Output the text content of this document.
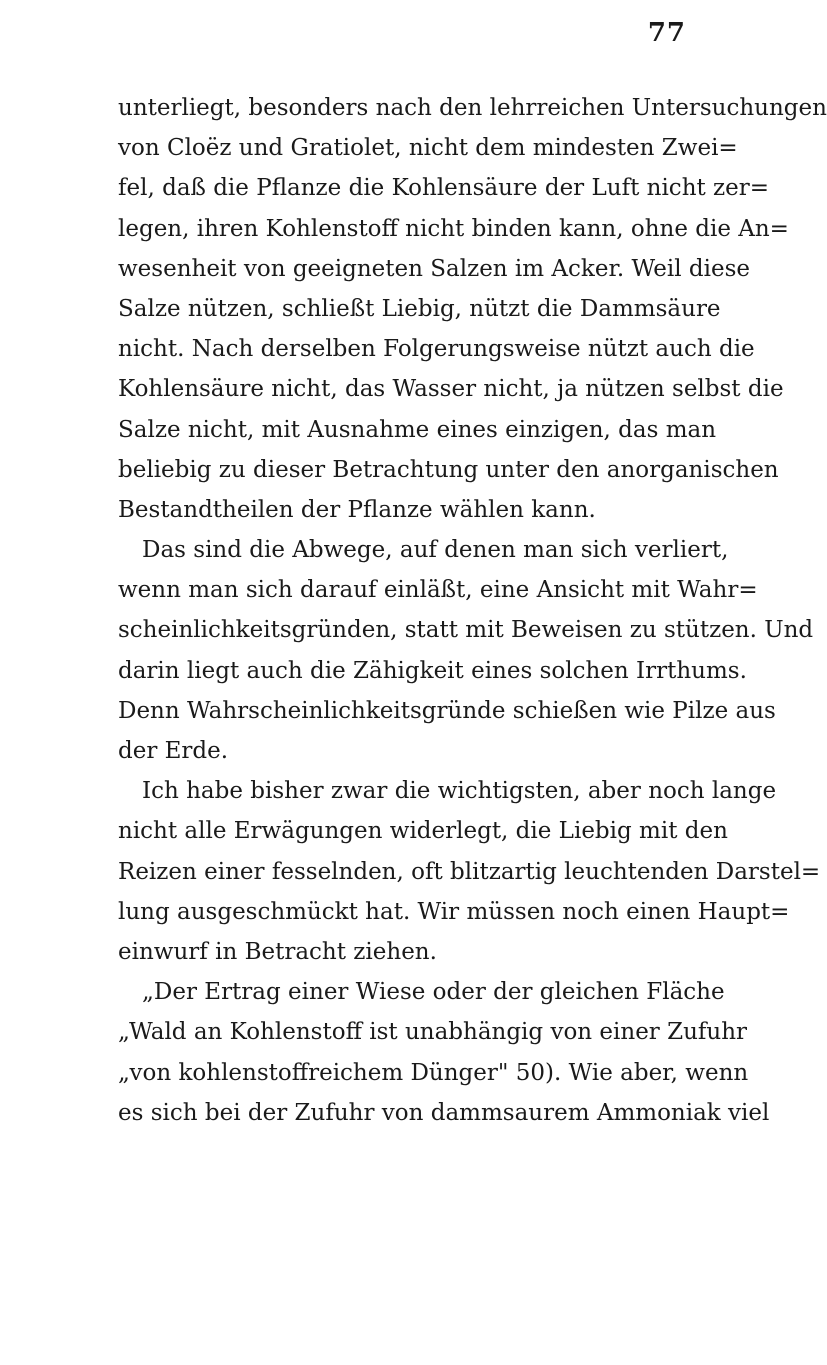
77
unterliegt, besonders nach den lehrreichen Untersuchungen
von Cloëz und Gratiolet, nicht dem mindesten Zwei=
fel, daß die Pflanze die Kohlensäure der Luft nicht zer=
legen, ihren Kohlenstoff nicht binden kann, ohne die An=
wesenheit von geeigneten Salzen im Acker. Weil diese
Salze nützen, schließt Liebig, nützt die Dammsäure
nicht. Nach derselben Folgerungsweise nützt auch die
Kohlensäure nicht, das Wasser nicht, ja nützen selbst die
Salze nicht, mit Ausnahme eines einzigen, das man
beliebig zu dieser Betrachtung unter den anorganischen
Bestandtheilen der Pflanze wählen kann.
Das sind die Abwege, auf denen man sich verliert,
wenn man sich darauf einläßt, eine Ansicht mit Wahr=
scheinlichkeitsgründen, statt mit Beweisen zu stützen. Und
darin liegt auch die Zähigkeit eines solchen Irrthums.
Denn Wahrscheinlichkeitsgründe schießen wie Pilze aus
der Erde.
Ich habe bisher zwar die wichtigsten, aber noch lange
nicht alle Erwägungen widerlegt, die Liebig mit den
Reizen einer fesselnden, oft blitzartig leuchtenden Darstel=
lung ausgeschmückt hat. Wir müssen noch einen Haupt=
einwurf in Betracht ziehen.
„Der Ertrag einer Wiese oder der gleichen Fläche
„Wald an Kohlenstoff ist unabhängig von einer Zufuhr
„von kohlenstoffreichem Dünger" 50). Wie aber, wenn
es sich bei der Zufuhr von dammsaurem Ammoniak viel
